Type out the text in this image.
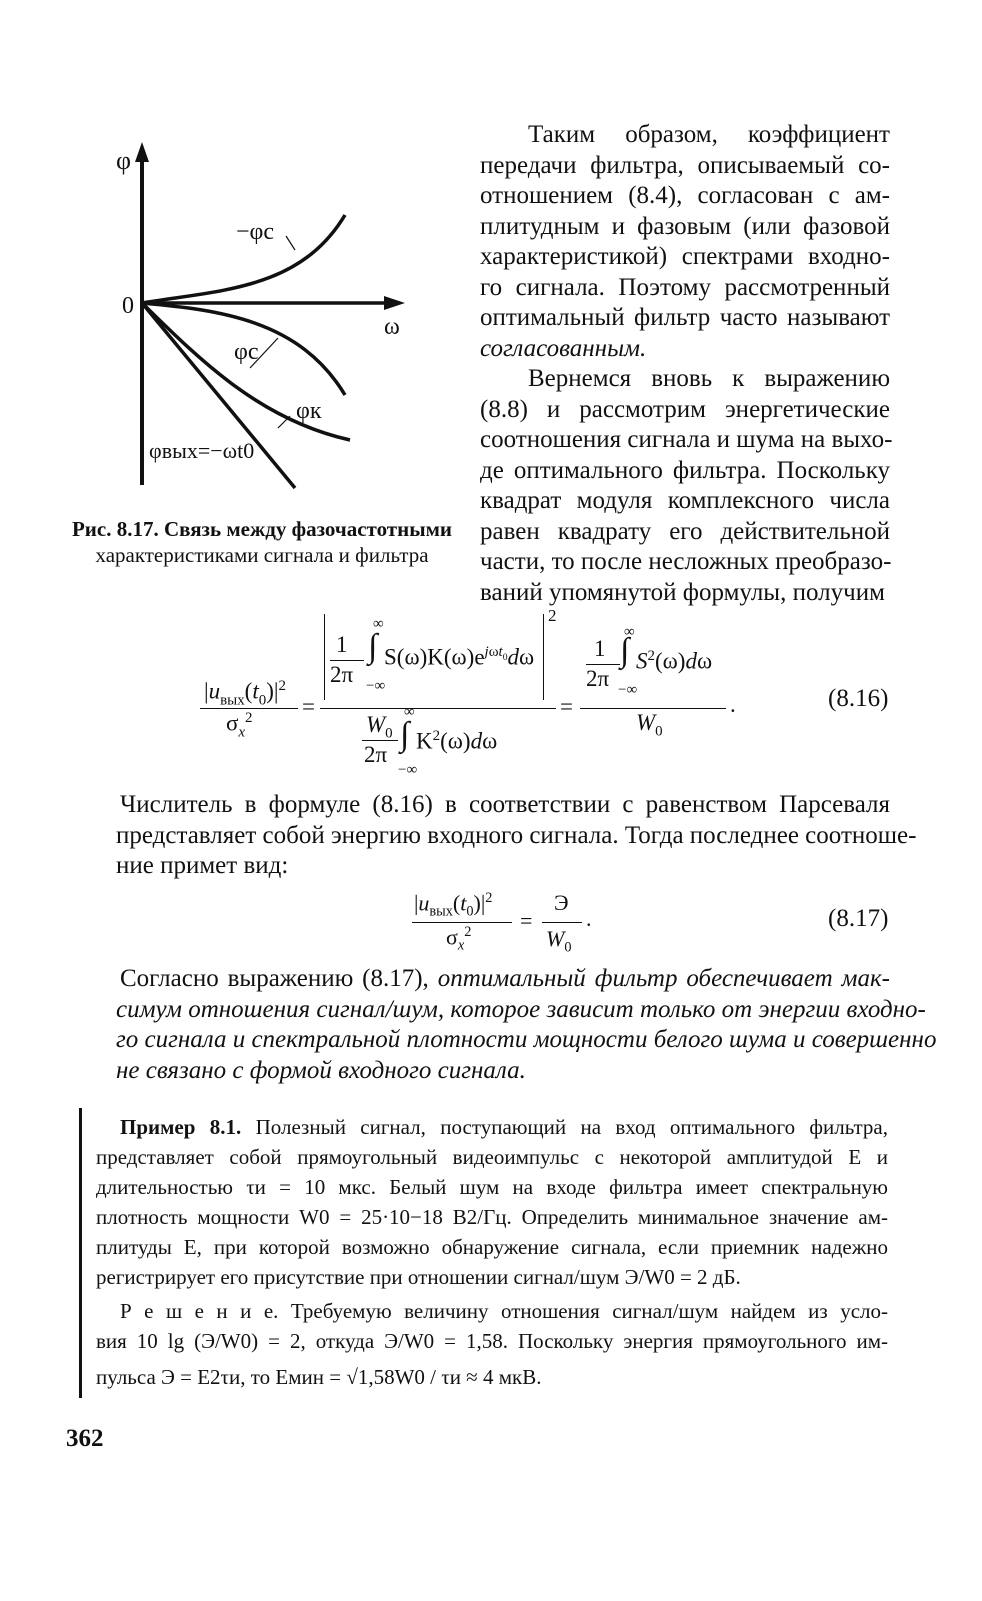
φ
ω
0
−φc
φc
φк
φвых=−ωt0
Рис. 8.17. Связь между фазочастотными
характеристиками сигнала и фильтра
Таким образом, коэффициент
передачи фильтра, описываемый со-
отношением (8.4), согласован с ам-
плитудным и фазовым (или фазовой
характеристикой) спектрами входно-
го сигнала. Поэтому рассмотренный
оптимальный фильтр часто называют
согласованным.
Вернемся вновь к выражению
(8.8) и рассмотрим энергетические
соотношения сигнала и шума на выхо-
де оптимального фильтра. Поскольку
квадрат модуля комплексного числа
равен квадрату его действительной
части, то после несложных преобразо-
ваний упомянутой формулы, получим
$|u_{вых}(t_0)|^2$
$\sigma_x^2$ =
2
∞
1
2π
∫ $S(\omega)K(\omega)e^{j\omega t_0}d\omega$
−∞
∞
$W_0$
2π
∫ $K^2(\omega)d\omega$
−∞
=
∞
1
2π
∫ $S^2(\omega)d\omega$
−∞
$W_0$
.	(8.16)
Числитель в формуле (8.16) в соответствии с равенством Парсеваля
представляет собой энергию входного сигнала. Тогда последнее соотноше-
ние примет вид:
$|u_{вых}(t_0)|^2$
$\sigma_x^2$ =
Э
$W_0$
.	(8.17)
Согласно выражению (8.17), оптимальный фильтр обеспечивает мак-
симум отношения сигнал/шум, которое зависит только от энергии входно-
го сигнала и спектральной плотности мощности белого шума и совершенно
не связано с формой входного сигнала.
Пример 8.1. Полезный сигнал, поступающий на вход оптимального фильтра,
представляет собой прямоугольный видеоимпульс с некоторой амплитудой E и
длительностью τи = 10 мкс. Белый шум на входе фильтра имеет спектральную
плотность мощности W0 = 25·10−18 В2/Гц. Определить минимальное значение ам-
плитуды E, при которой возможно обнаружение сигнала, если приемник надежно
регистрирует его присутствие при отношении сигнал/шум Э/W0 = 2 дБ.
Р е ш е н и е. Требуемую величину отношения сигнал/шум найдем из усло-
вия 10 lg (Э/W0) = 2, откуда Э/W0 = 1,58. Поскольку энергия прямоугольного им-
пульса Э = E2τи, то Eмин = √1,58W0 / τи ≈ 4 мкВ.
362
